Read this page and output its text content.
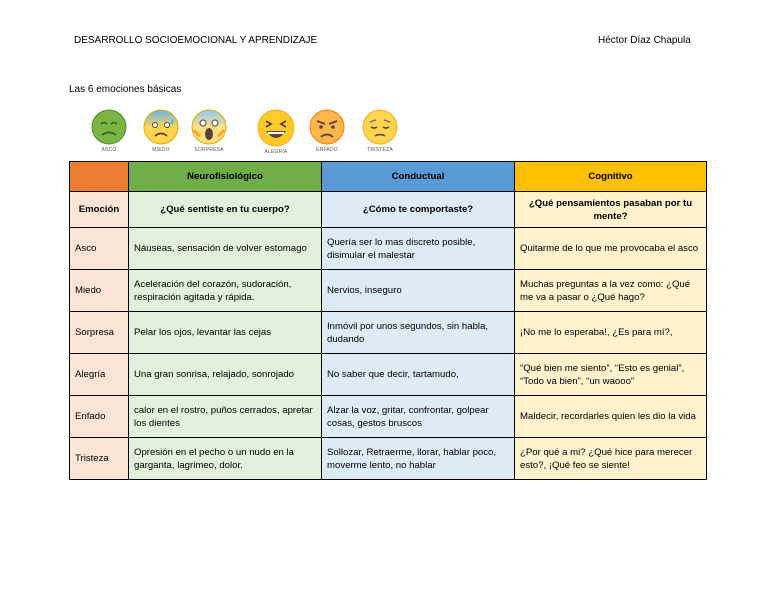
DESARROLLO SOCIOEMOCIONAL Y APRENDIZAJE	Héctor Díaz Chapula
Las 6 emociones básicas
ASCO	MIEDO	SORPRESA	ALEGRIA	ENFADO	TRISTEZA
	Neurofisiológico	Conductual	Cognitivo
Emoción	¿Qué sentiste en tu cuerpo?	¿Cómo te comportaste?	¿Qué pensamientos pasaban por tu mente?
Asco	Náuseas, sensación de volver estomago	Quería ser lo mas discreto posible, disimular el malestar	Quitarme de lo que me provocaba el asco
Miedo	Aceleración del corazón, sudoración, respiración agitada y rápida.	Nervios, inseguro	Muchas preguntas a la vez como: ¿Qué me va a pasar o ¿Qué hago?
Sorpresa	Pelar los ojos, levantar las cejas	Inmóvil por unos segundos, sin habla, dudando	¡No me lo esperaba!, ¿Es para mí?,
Alegría	Una gran sonrisa, relajado, sonrojado	No saber que decir, tartamudo,	“Qué bien me siento”, “Esto es genial”, “Todo va bien”, “un waooo”
Enfado	calor en el rostro, puños cerrados, apretar los dientes	Alzar la voz, gritar, confrontar, golpear cosas, gestos bruscos	Maldecir, recordarles quien les dio la vida
Tristeza	Opresión en el pecho o un nudo en la garganta, lagrimeo, dolor.	Sollozar, Retraerme, llorar, hablar poco, moverme lento, no hablar	¿Por qué a mi? ¿Qué hice para merecer esto?, ¡Qué feo se siente!
